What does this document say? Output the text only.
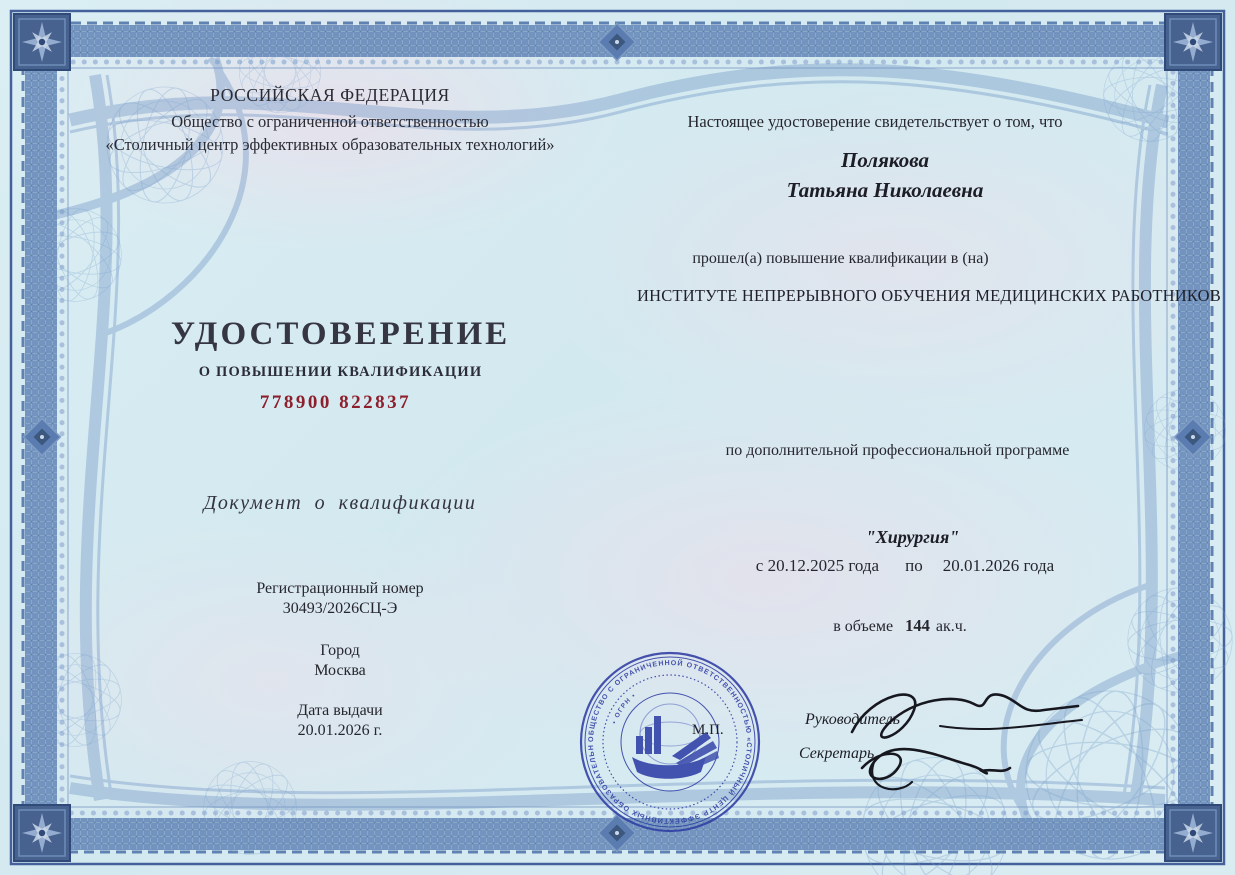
РОССИЙСКАЯ ФЕДЕРАЦИЯ
Общество с ограниченной ответственностью
«Столичный центр эффективных образовательных технологий»
Настоящее удостоверение свидетельствует о том, что
Полякова
Татьяна Николаевна
прошел(а) повышение квалификации в (на)
ИНСТИТУТЕ НЕПРЕРЫВНОГО ОБУЧЕНИЯ МЕДИЦИНСКИХ РАБОТНИКОВ
УДОСТОВЕРЕНИЕ
О ПОВЫШЕНИИ КВАЛИФИКАЦИИ
778900 822837
Документ о квалификации
по дополнительной профессиональной программе
"Хирургия"
с 20.12.2025 года по 20.01.2026 года
в объеме 144 ак.ч.
Регистрационный номер
30493/2026СЦ-Э
Город
Москва
Дата выдачи
20.01.2026 г.	ОБЩЕСТВО С ОГРАНИЧЕННОЙ ОТВЕТСТВЕННОСТЬЮ «СТОЛИЧНЫЙ ЦЕНТР ЭФФЕКТИВНЫХ ОБРАЗОВАТЕЛЬНЫХ ТЕХНОЛОГИЙ» •
• ОГРН •
М.П.
Руководитель
Секретарь
